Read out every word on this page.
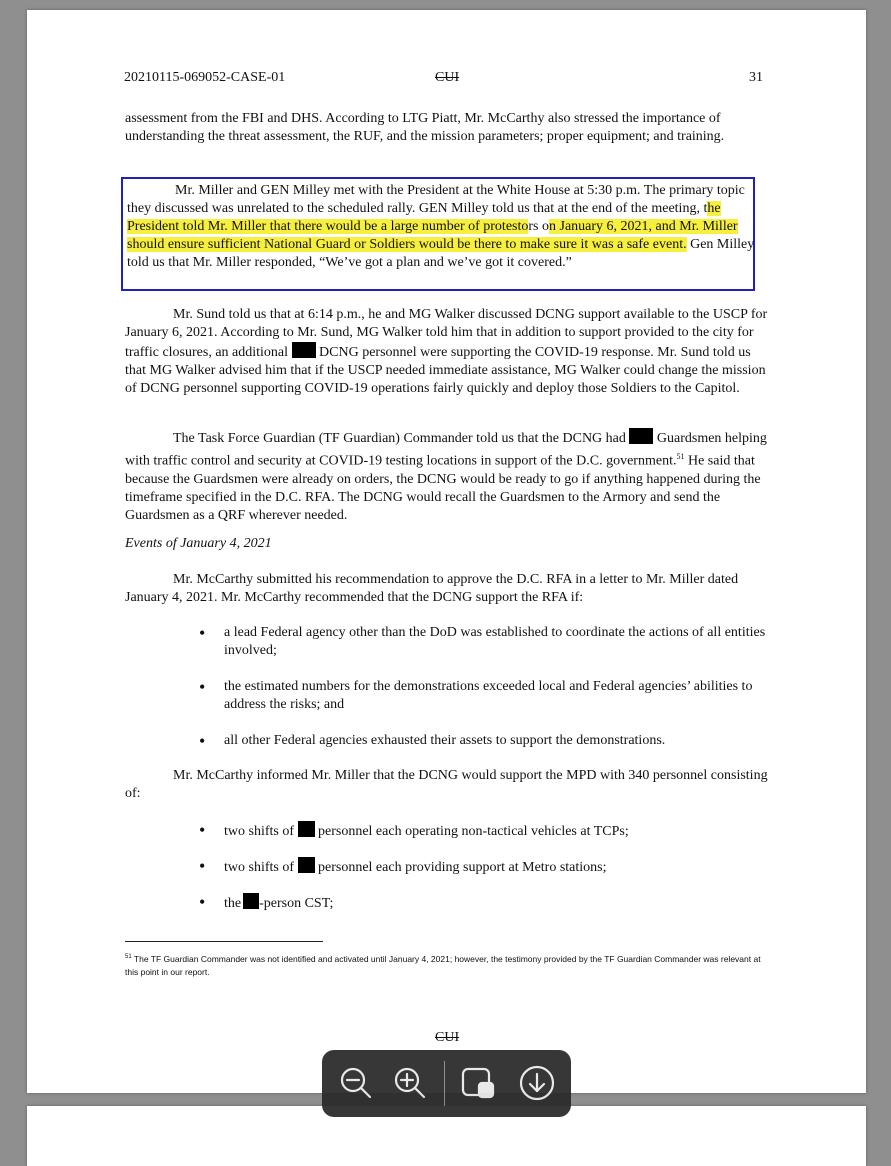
20210115-069052-CASE-01	CUI	31

assessment from the FBI and DHS. According to LTG Piatt, Mr. McCarthy also stressed the importance of understanding the threat assessment, the RUF, and the mission parameters; proper equipment; and training.

Mr. Miller and GEN Milley met with the President at the White House at 5:30 p.m. The primary topic they discussed was unrelated to the scheduled rally. GEN Milley told us that at the end of the meeting, the President told Mr. Miller that there would be a large number of protestors on January 6, 2021, and Mr. Miller should ensure sufficient National Guard or Soldiers would be there to make sure it was a safe event. Gen Milley told us that Mr. Miller responded, “We’ve got a plan and we’ve got it covered.”

Mr. Sund told us that at 6:14 p.m., he and MG Walker discussed DCNG support available to the USCP for January 6, 2021. According to Mr. Sund, MG Walker told him that in addition to support provided to the city for traffic closures, an additional DCNG personnel were supporting the COVID-19 response. Mr. Sund told us that MG Walker advised him that if the USCP needed immediate assistance, MG Walker could change the mission of DCNG personnel supporting COVID-19 operations fairly quickly and deploy those Soldiers to the Capitol.

The Task Force Guardian (TF Guardian) Commander told us that the DCNG had Guardsmen helping with traffic control and security at COVID-19 testing locations in support of the D.C. government.$^{51}$ He said that because the Guardsmen were already on orders, the DCNG would be ready to go if anything happened during the timeframe specified in the D.C. RFA. The DCNG would recall the Guardsmen to the Armory and send the Guardsmen as a QRF wherever needed.

Events of January 4, 2021

Mr. McCarthy submitted his recommendation to approve the D.C. RFA in a letter to Mr. Miller dated January 4, 2021. Mr. McCarthy recommended that the DCNG support the RFA if:

• a lead Federal agency other than the DoD was established to coordinate the actions of all entities involved;

• the estimated numbers for the demonstrations exceeded local and Federal agencies’ abilities to address the risks; and

• all other Federal agencies exhausted their assets to support the demonstrations.

Mr. McCarthy informed Mr. Miller that the DCNG would support the MPD with 340 personnel consisting of:

• two shifts of personnel each operating non-tactical vehicles at TCPs;

• two shifts of personnel each providing support at Metro stations;

• the -person CST;

$^{51}$ The TF Guardian Commander was not identified and activated until January 4, 2021; however, the testimony provided by the TF Guardian Commander was relevant at this point in our report.
CUI
